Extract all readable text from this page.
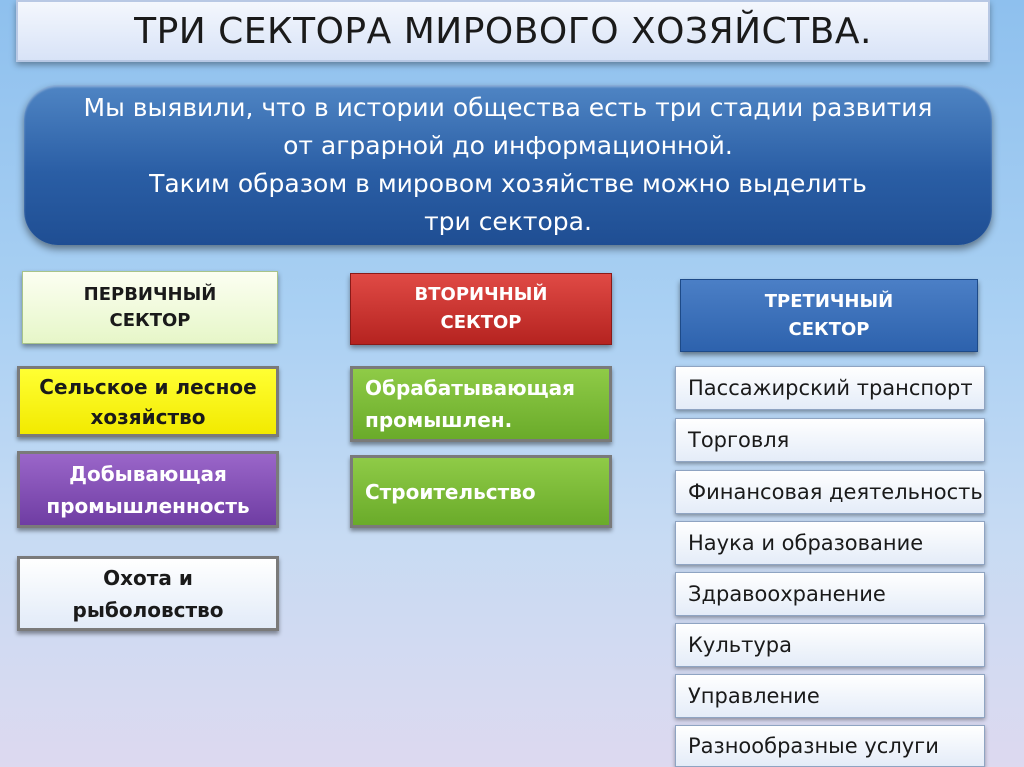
ТРИ СЕКТОРА МИРОВОГО ХОЗЯЙСТВА.
Мы выявили, что в истории общества есть три стадии развития
от аграрной до информационной.
Таким образом в мировом хозяйстве можно выделить
три сектора.
ПЕРВИЧНЫЙ
СЕКТОР
ВТОРИЧНЫЙ
СЕКТОР
ТРЕТИЧНЫЙ
СЕКТОР
Сельское и лесное
хозяйство
Добывающая
промышленность
Охота и
рыболовство
Обрабатывающая
промышлен.
Строительство
Пассажирский транспорт
Торговля
Финансовая деятельность
Наука и образование
Здравоохранение
Культура
Управление
Разнообразные услуги
